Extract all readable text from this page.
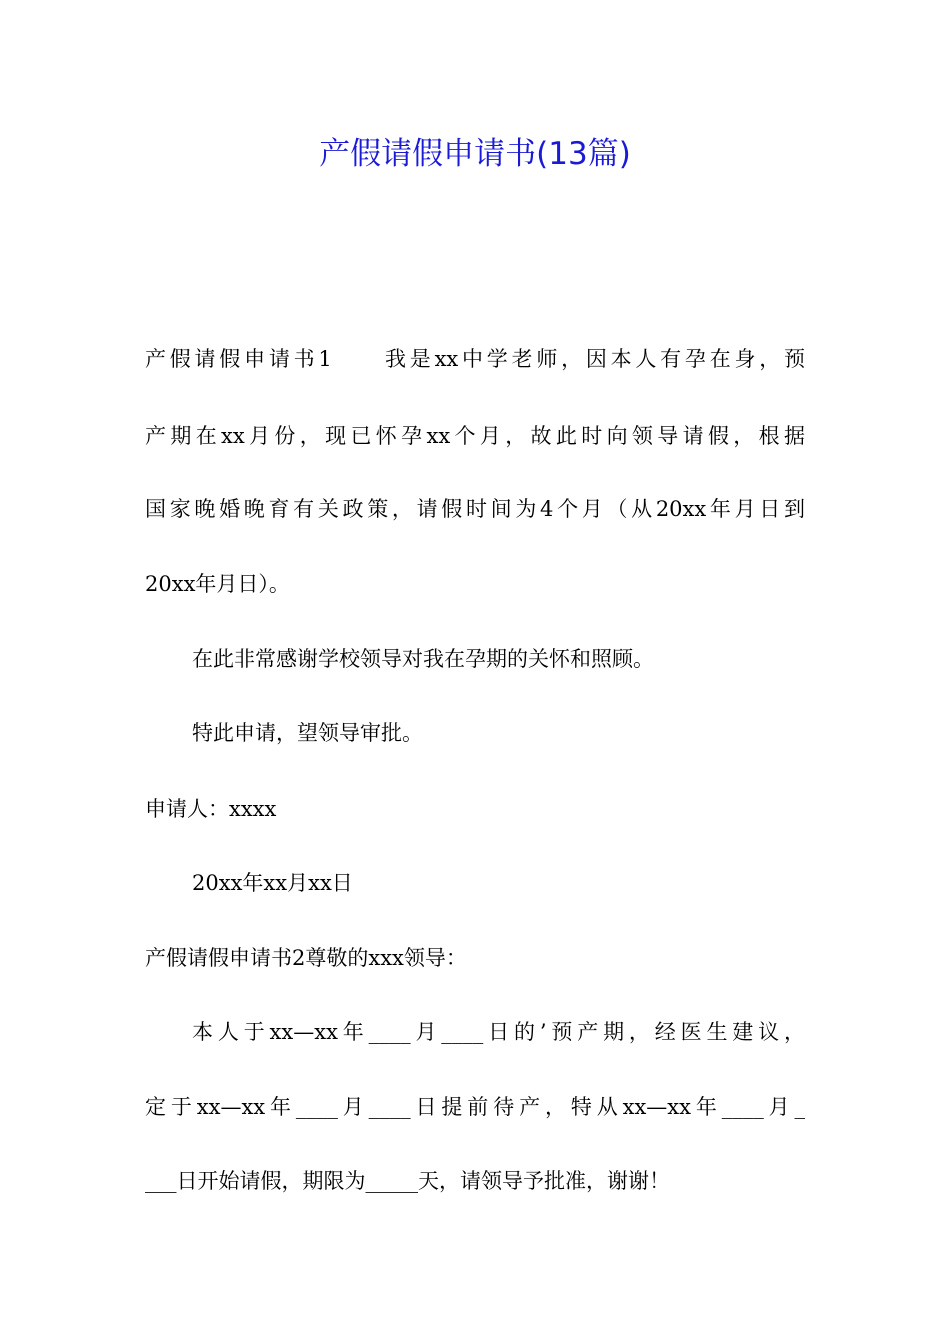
产假请假申请书(13篇)
产假请假申请书1　　我是xx中学老师，因本人有孕在身，预
产期在xx月份，现已怀孕xx个月，故此时向领导请假，根据
国家晚婚晚育有关政策，请假时间为4个月（从20xx年月日到
20xx年月日）。
在此非常感谢学校领导对我在孕期的关怀和照顾。
特此申请，望领导审批。
申请人：xxxx
20xx年xx月xx日
产假请假申请书2尊敬的xxx领导：
本人于xx—xx年____月____日的’预产期，经医生建议，
定于xx—xx年____月____日提前待产，特从xx—xx年____月_
___日开始请假，期限为_____天，请领导予批准，谢谢！
